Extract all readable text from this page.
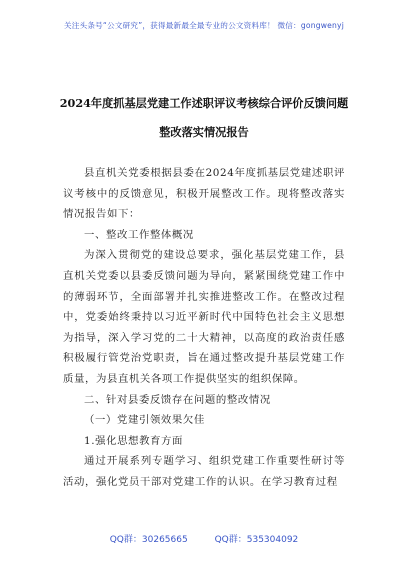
关注头条号“公文研究”，获得最新最全最专业的公文资料库！ 微信：gongwenyj
2024年度抓基层党建工作述职评议考核综合评价反馈问题
整改落实情况报告

县直机关党委根据县委在2024年度抓基层党建述职评议考核中的反馈意见，积极开展整改工作。现将整改落实情况报告如下：

一、整改工作整体概况

为深入贯彻党的建设总要求，强化基层党建工作，县直机关党委以县委反馈问题为导向，紧紧围绕党建工作中的薄弱环节，全面部署并扎实推进整改工作。在整改过程中，党委始终秉持以习近平新时代中国特色社会主义思想为指导，深入学习党的二十大精神，以高度的政治责任感积极履行管党治党职责，旨在通过整改提升基层党建工作质量，为县直机关各项工作提供坚实的组织保障。

二、针对县委反馈存在问题的整改情况

（一）党建引领效果欠佳

1.强化思想教育方面

通过开展系列专题学习、组织党建工作重要性研讨等活动，强化党员干部对党建工作的认识。在学习教育过程

QQ群：30265665	QQ群：535304092
